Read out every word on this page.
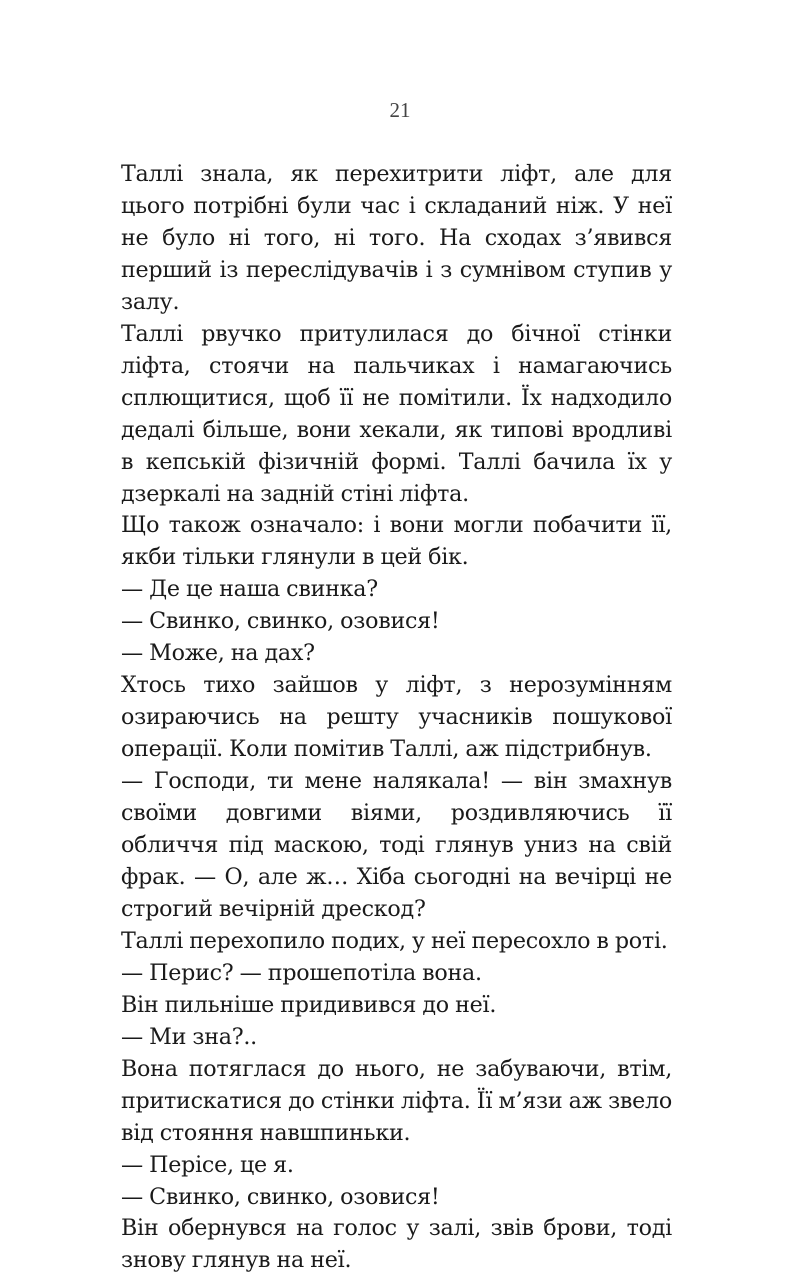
21

Таллі знала, як перехитрити ліфт, але для цього потрібні були час і складаний ніж. У неї не було ні того, ні того. На сходах з’явився перший із переслідувачів і з сумнівом ступив у залу.

Таллі рвучко притулилася до бічної стінки ліфта, стоячи на пальчиках і намагаючись сплющитися, щоб її не помітили. Їх надходило дедалі більше, вони хекали, як типові вродливі в кепській фізичній формі. Таллі бачила їх у дзеркалі на задній стіні ліфта.

Що також означало: і вони могли побачити її, якби тільки глянули в цей бік.

— Де це наша свинка?

— Свинко, свинко, озовися!

— Може, на дах?

Хтось тихо зайшов у ліфт, з нерозумінням озираючись на решту учасників пошукової операції. Коли помітив Таллі, аж підстрибнув.

— Господи, ти мене налякала! — він змахнув своїми довгими віями, роздивляючись її обличчя під маскою, тоді глянув униз на свій фрак. — О, але ж… Хіба сьогодні на вечірці не строгий вечірній дрескод?

Таллі перехопило подих, у неї пересохло в роті.

— Периc? — прошепотіла вона.

Він пильніше придивився до неї.

— Ми зна?..

Вона потяглася до нього, не забуваючи, втім, притискатися до стінки ліфта. Її м’язи аж звело від стояння навшпиньки.

— Перісе, це я.

— Свинко, свинко, озовися!

Він обернувся на голос у залі, звів брови, тоді знову глянув на неї.
